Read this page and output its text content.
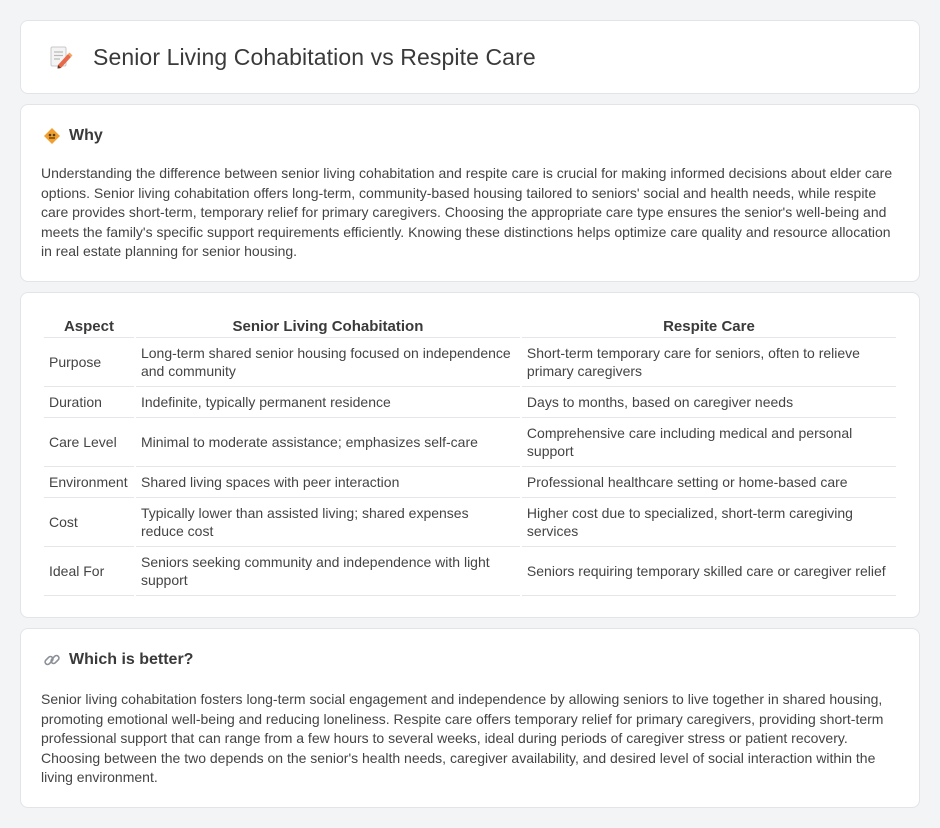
Senior Living Cohabitation vs Respite Care
Why

Understanding the difference between senior living cohabitation and respite care is crucial for making informed decisions about elder care options. Senior living cohabitation offers long-term, community-based housing tailored to seniors' social and health needs, while respite care provides short-term, temporary relief for primary caregivers. Choosing the appropriate care type ensures the senior's well-being and meets the family's specific support requirements efficiently. Knowing these distinctions helps optimize care quality and resource allocation in real estate planning for senior housing.

Aspect	Senior Living Cohabitation	Respite Care
Purpose	Long-term shared senior housing focused on independence and community	Short-term temporary care for seniors, often to relieve primary caregivers
Duration	Indefinite, typically permanent residence	Days to months, based on caregiver needs
Care Level	Minimal to moderate assistance; emphasizes self-care	Comprehensive care including medical and personal support
Environment	Shared living spaces with peer interaction	Professional healthcare setting or home-based care
Cost	Typically lower than assisted living; shared expenses reduce cost	Higher cost due to specialized, short-term caregiving services
Ideal For	Seniors seeking community and independence with light support	Seniors requiring temporary skilled care or caregiver relief
Which is better?

Senior living cohabitation fosters long-term social engagement and independence by allowing seniors to live together in shared housing, promoting emotional well-being and reducing loneliness. Respite care offers temporary relief for primary caregivers, providing short-term professional support that can range from a few hours to several weeks, ideal during periods of caregiver stress or patient recovery. Choosing between the two depends on the senior's health needs, caregiver availability, and desired level of social interaction within the living environment.
